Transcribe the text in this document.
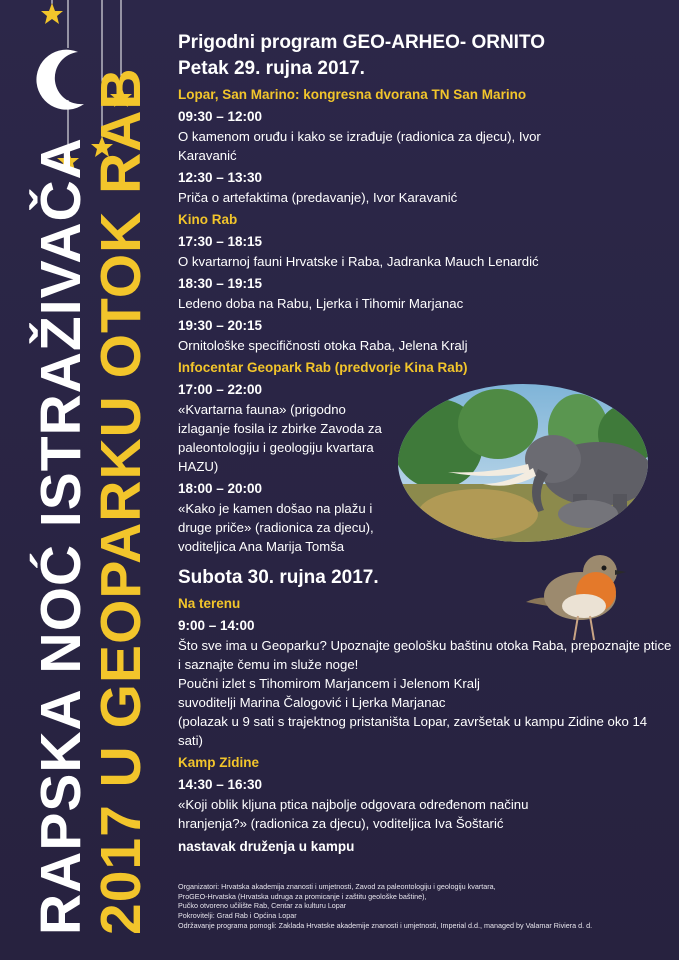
RAPSKA NOĆ ISTRAŽIVAČA
2017 U GEOPARKU OTOK RAB
Prigodni program GEO-ARHEO- ORNITO
Petak 29. rujna 2017.
Lopar, San Marino: kongresna dvorana TN San Marino
09:30 – 12:00
O kamenom oruđu i kako se izrađuje (radionica za djecu), Ivor Karavanić
12:30 – 13:30
Priča o artefaktima (predavanje), Ivor Karavanić
Kino Rab
17:30 – 18:15
O kvartarnoj fauni Hrvatske i Raba, Jadranka Mauch Lenardić
18:30 – 19:15
Ledeno doba na Rabu, Ljerka i Tihomir Marjanac
19:30 – 20:15
Ornitološke specifičnosti otoka Raba, Jelena Kralj
Infocentar Geopark Rab (predvorje Kina Rab)
17:00 – 22:00
«Kvartarna fauna» (prigodno izlaganje fosila iz zbirke Zavoda za paleontologiju i geologiju kvartara HAZU)
18:00 – 20:00
«Kako je kamen došao na plažu i druge priče» (radionica za djecu), voditeljica Ana Marija Tomša
Subota 30. rujna 2017.
Na terenu
9:00 – 14:00
Što sve ima u Geoparku? Upoznajte geološku baštinu otoka Raba, prepoznajte ptice i saznajte čemu im služe noge!
Poučni izlet s Tihomirom Marjancem i Jelenom Kralj suvoditelji Marina Čalogović i Ljerka Marjanac
(polazak u 9 sati s trajektnog pristaništa Lopar, završetak u kampu Zidine oko 14 sati)
Kamp Zidine
14:30 – 16:30
«Koji oblik kljuna ptica najbolje odgovara određenom načinu hranjenja?» (radionica za djecu), voditeljica Iva Šoštarić
nastavak druženja u kampu
Organizatori: Hrvatska akademija znanosti i umjetnosti, Zavod za paleontologiju i geologiju kvartara,
ProGEO-Hrvatska (Hrvatska udruga za promicanje i zaštitu geološke baštine),
Pučko otvoreno učilište Rab, Centar za kulturu Lopar
Pokrovitelji: Grad Rab i Općina Lopar
Održavanje programa pomogli: Zaklada Hrvatske akademije znanosti i umjetnosti, Imperial d.d., managed by Valamar Riviera d. d.
